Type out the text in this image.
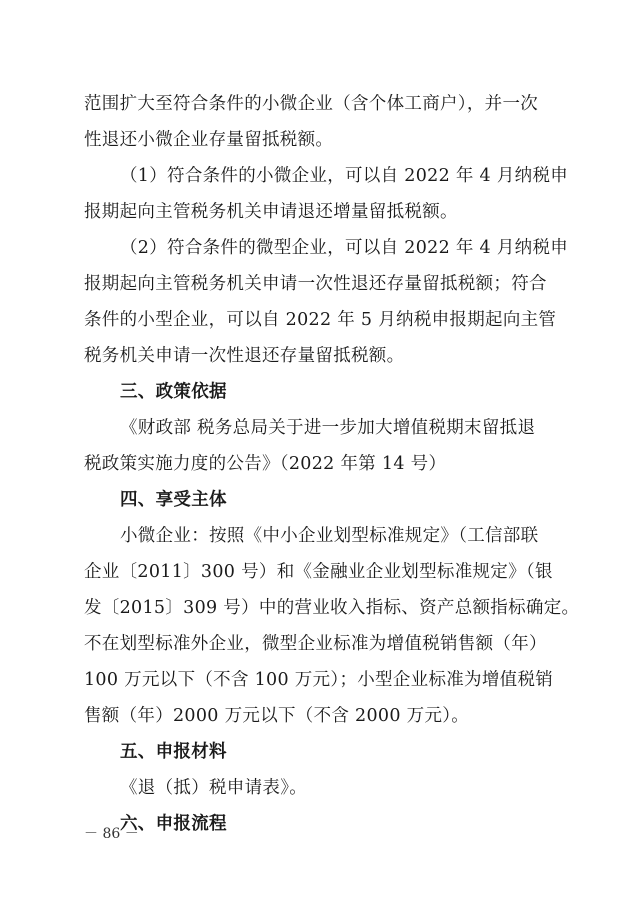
范围扩大至符合条件的小微企业（含个体工商户），并一次
性退还小微企业存量留抵税额。
（1）符合条件的小微企业，可以自 2022 年 4 月纳税申
报期起向主管税务机关申请退还增量留抵税额。
（2）符合条件的微型企业，可以自 2022 年 4 月纳税申
报期起向主管税务机关申请一次性退还存量留抵税额；符合
条件的小型企业，可以自 2022 年 5 月纳税申报期起向主管
税务机关申请一次性退还存量留抵税额。
三、政策依据
《财政部 税务总局关于进一步加大增值税期末留抵退
税政策实施力度的公告》（2022 年第 14 号）
四、享受主体
小微企业：按照《中小企业划型标准规定》（工信部联
企业〔2011〕300 号）和《金融业企业划型标准规定》（银
发〔2015〕309 号）中的营业收入指标、资产总额指标确定。
不在划型标准外企业，微型企业标准为增值税销售额（年）
100 万元以下（不含 100 万元）；小型企业标准为增值税销
售额（年）2000 万元以下（不含 2000 万元）。
五、申报材料
《退（抵）税申请表》。
六、申报流程
－ 86 －
